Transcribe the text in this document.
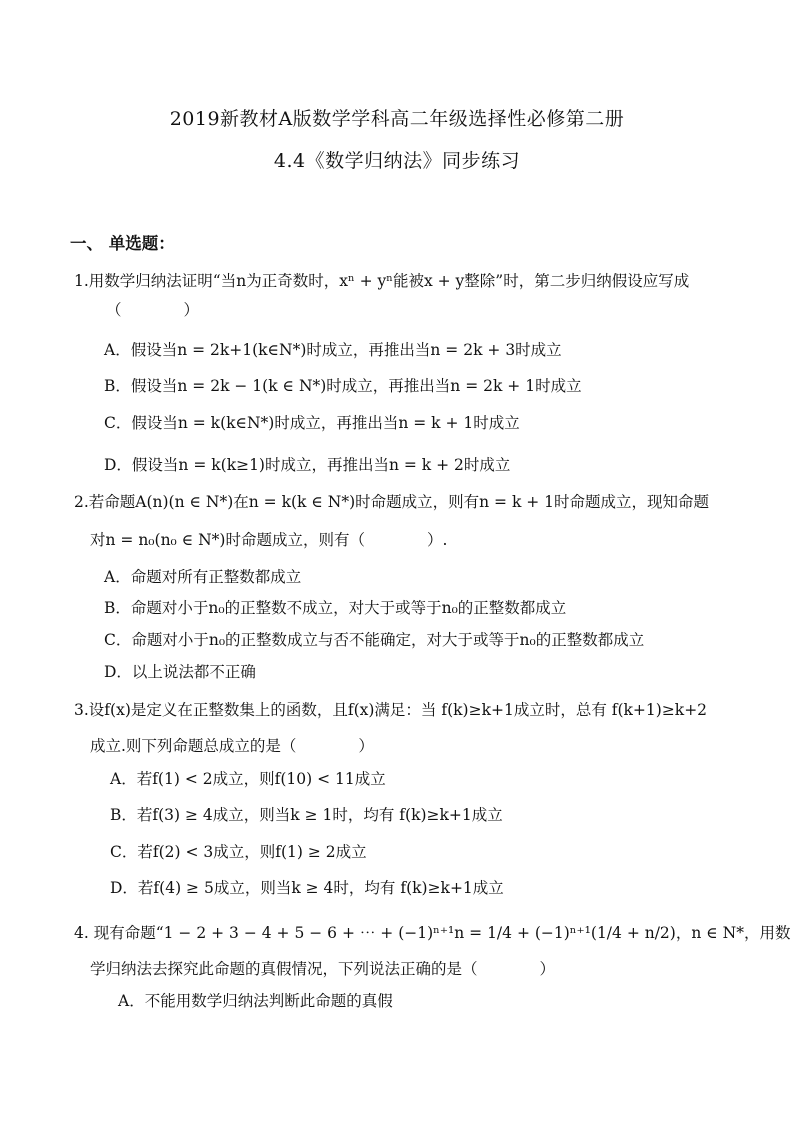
2019新教材A版数学学科高二年级选择性必修第二册
4.4《数学归纳法》同步练习
一、 单选题：
1.用数学归纳法证明“当n为正奇数时，xⁿ + yⁿ能被x + y整除”时，第二步归纳假设应写成
（　　　　）
A．假设当n = 2k+1(k∈N*)时成立，再推出当n = 2k + 3时成立
B．假设当n = 2k − 1(k ∈ N*)时成立，再推出当n = 2k + 1时成立
C．假设当n = k(k∈N*)时成立，再推出当n = k + 1时成立
D．假设当n = k(k≥1)时成立，再推出当n = k + 2时成立
2.若命题A(n)(n ∈ N*)在n = k(k ∈ N*)时命题成立，则有n = k + 1时命题成立，现知命题
对n = n₀(n₀ ∈ N*)时命题成立，则有（　　　　）.
A．命题对所有正整数都成立
B．命题对小于n₀的正整数不成立，对大于或等于n₀的正整数都成立
C．命题对小于n₀的正整数成立与否不能确定，对大于或等于n₀的正整数都成立
D．以上说法都不正确
3.设f(x)是定义在正整数集上的函数，且f(x)满足：当 f(k)≥k+1成立时，总有 f(k+1)≥k+2
成立.则下列命题总成立的是（　　　　）
A．若f(1) < 2成立，则f(10) < 11成立
B．若f(3) ≥ 4成立，则当k ≥ 1时，均有 f(k)≥k+1成立
C．若f(2) < 3成立，则f(1) ≥ 2成立
D．若f(4) ≥ 5成立，则当k ≥ 4时，均有 f(k)≥k+1成立
4. 现有命题“1 − 2 + 3 − 4 + 5 − 6 + ⋯ + (−1)ⁿ⁺¹n = 1/4 + (−1)ⁿ⁺¹(1/4 + n/2)，n ∈ N*，用数
学归纳法去探究此命题的真假情况，下列说法正确的是（　　　　）
A．不能用数学归纳法判断此命题的真假
